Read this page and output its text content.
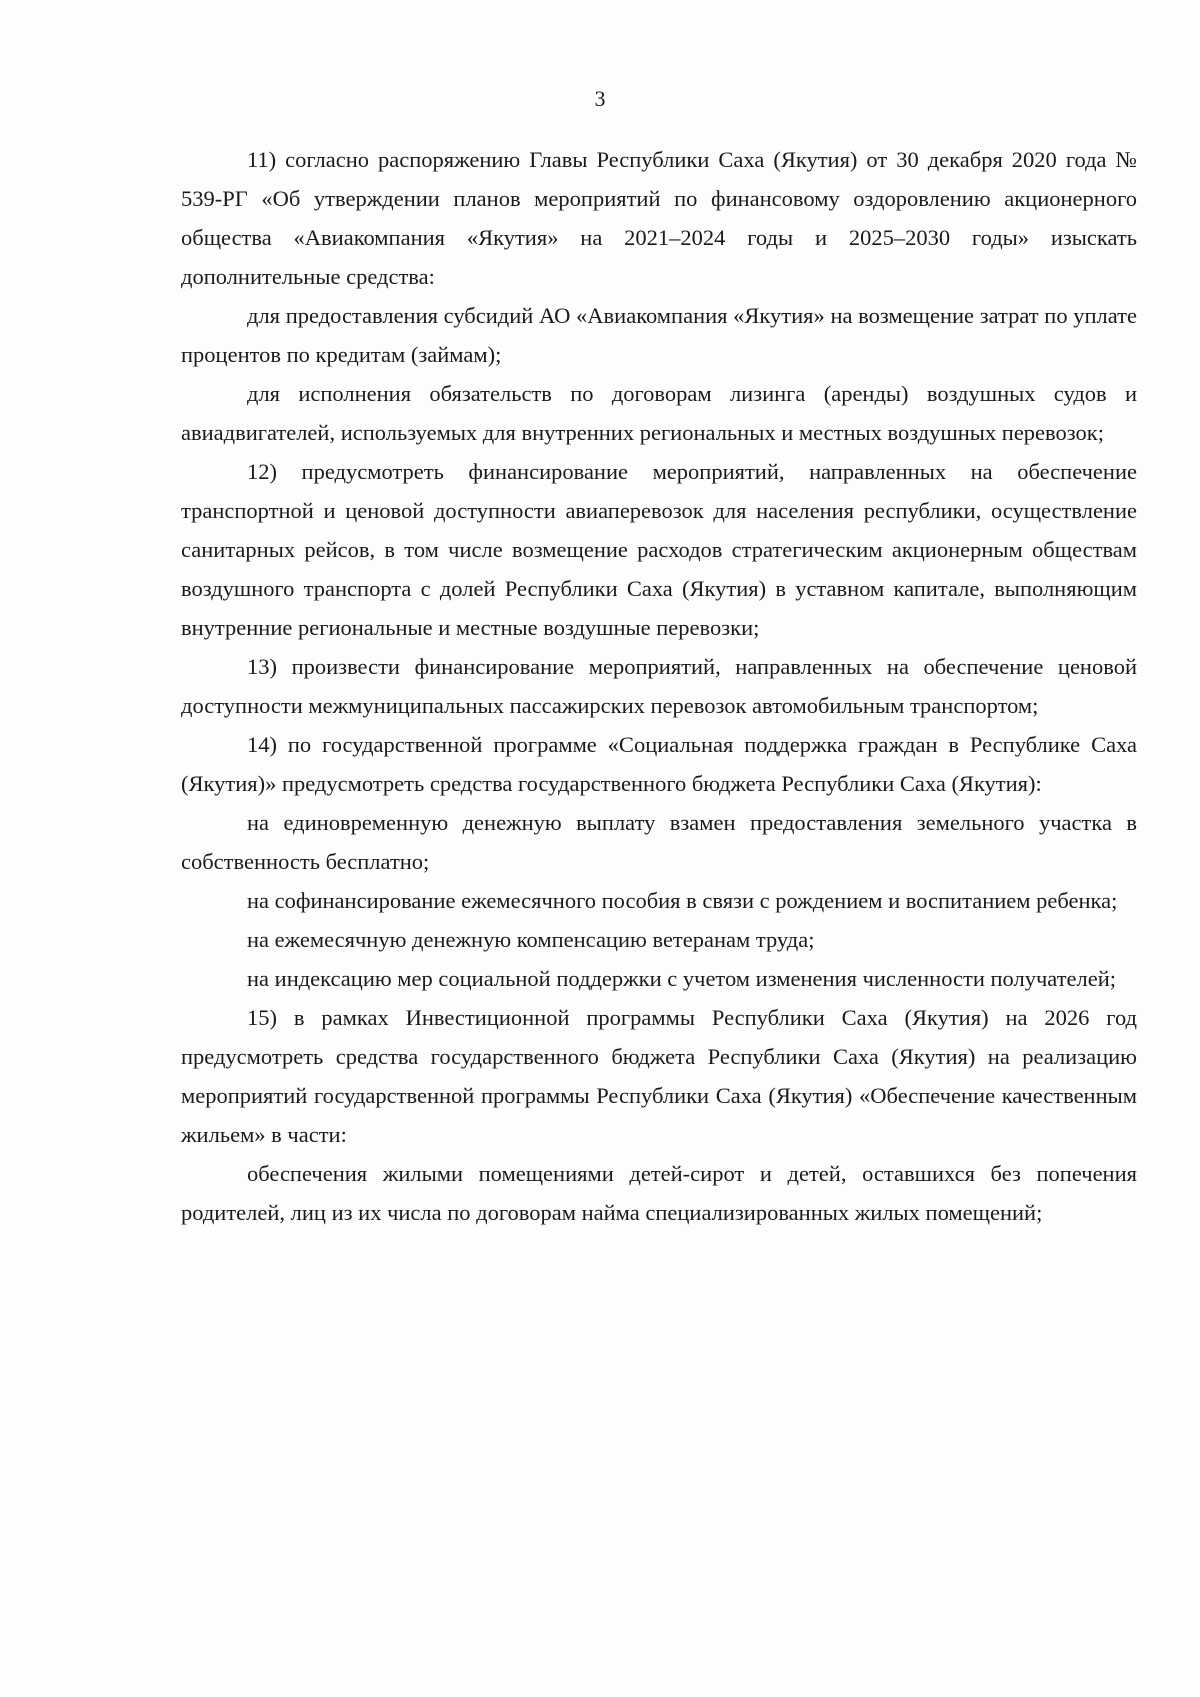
3

11) согласно распоряжению Главы Республики Саха (Якутия) от 30 декабря 2020 года № 539-РГ «Об утверждении планов мероприятий по финансовому оздоровлению акционерного общества «Авиакомпания «Якутия» на 2021–2024 годы и 2025–2030 годы» изыскать дополнительные средства:

для предоставления субсидий АО «Авиакомпания «Якутия» на возмещение затрат по уплате процентов по кредитам (займам);

для исполнения обязательств по договорам лизинга (аренды) воздушных судов и авиадвигателей, используемых для внутренних региональных и местных воздушных перевозок;

12) предусмотреть финансирование мероприятий, направленных на обеспечение транспортной и ценовой доступности авиаперевозок для населения республики, осуществление санитарных рейсов, в том числе возмещение расходов стратегическим акционерным обществам воздушного транспорта с долей Республики Саха (Якутия) в уставном капитале, выполняющим внутренние региональные и местные воздушные перевозки;

13) произвести финансирование мероприятий, направленных на обеспечение ценовой доступности межмуниципальных пассажирских перевозок автомобильным транспортом;

14) по государственной программе «Социальная поддержка граждан в Республике Саха (Якутия)» предусмотреть средства государственного бюджета Республики Саха (Якутия):

на единовременную денежную выплату взамен предоставления земельного участка в собственность бесплатно;

на софинансирование ежемесячного пособия в связи с рождением и воспитанием ребенка;

на ежемесячную денежную компенсацию ветеранам труда;

на индексацию мер социальной поддержки с учетом изменения численности получателей;

15) в рамках Инвестиционной программы Республики Саха (Якутия) на 2026 год предусмотреть средства государственного бюджета Республики Саха (Якутия) на реализацию мероприятий государственной программы Республики Саха (Якутия) «Обеспечение качественным жильем» в части:

обеспечения жилыми помещениями детей-сирот и детей, оставшихся без попечения родителей, лиц из их числа по договорам найма специализированных жилых помещений;
